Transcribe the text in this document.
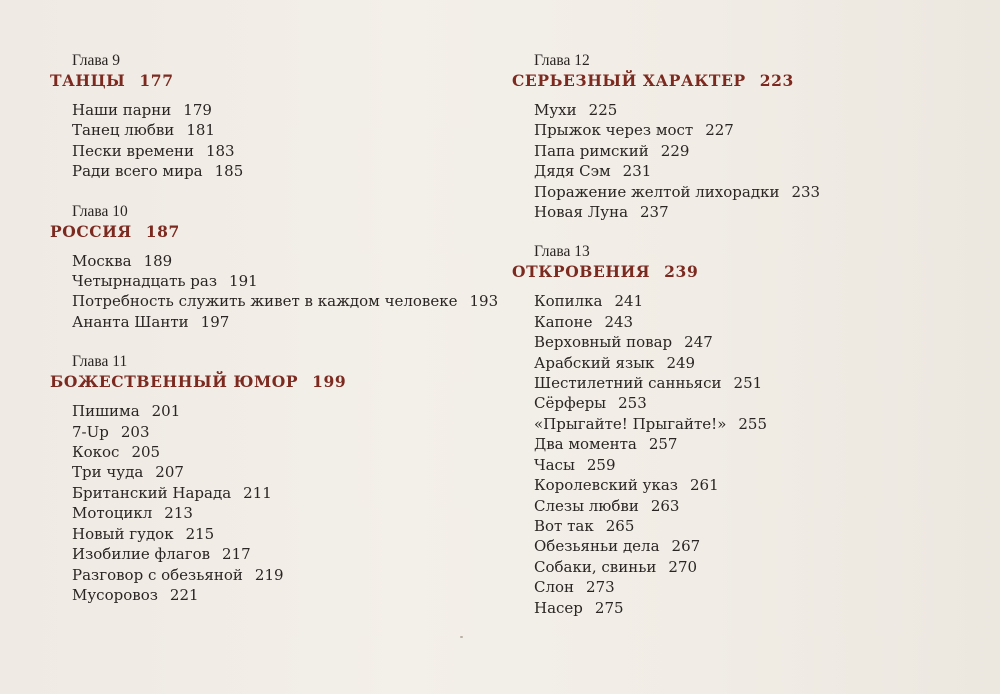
Глава 9
ТАНЦЫ 177
Наши парни 179
Танец любви 181
Пески времени 183
Ради всего мира 185
Глава 10
РОССИЯ 187
Москва 189
Четырнадцать раз 191
Потребность служить живет в каждом человеке 193
Ананта Шанти 197
Глава 11
БОЖЕСТВЕННЫЙ ЮМОР 199
Пишима 201
7-Up 203
Кокос 205
Три чуда 207
Британский Нарада 211
Мотоцикл 213
Новый гудок 215
Изобилие флагов 217
Разговор с обезьяной 219
Мусоровоз 221
Глава 12
СЕРЬЕЗНЫЙ ХАРАКТЕР 223
Мухи 225
Прыжок через мост 227
Папа римский 229
Дядя Сэм 231
Поражение желтой лихорадки 233
Новая Луна 237
Глава 13
ОТКРОВЕНИЯ 239
Копилка 241
Капоне 243
Верховный повар 247
Арабский язык 249
Шестилетний санньяси 251
Сёрферы 253
«Прыгайте! Прыгайте!» 255
Два момента 257
Часы 259
Королевский указ 261
Слезы любви 263
Вот так 265
Обезьяньи дела 267
Собаки, свиньи 270
Слон 273
Насер 275
